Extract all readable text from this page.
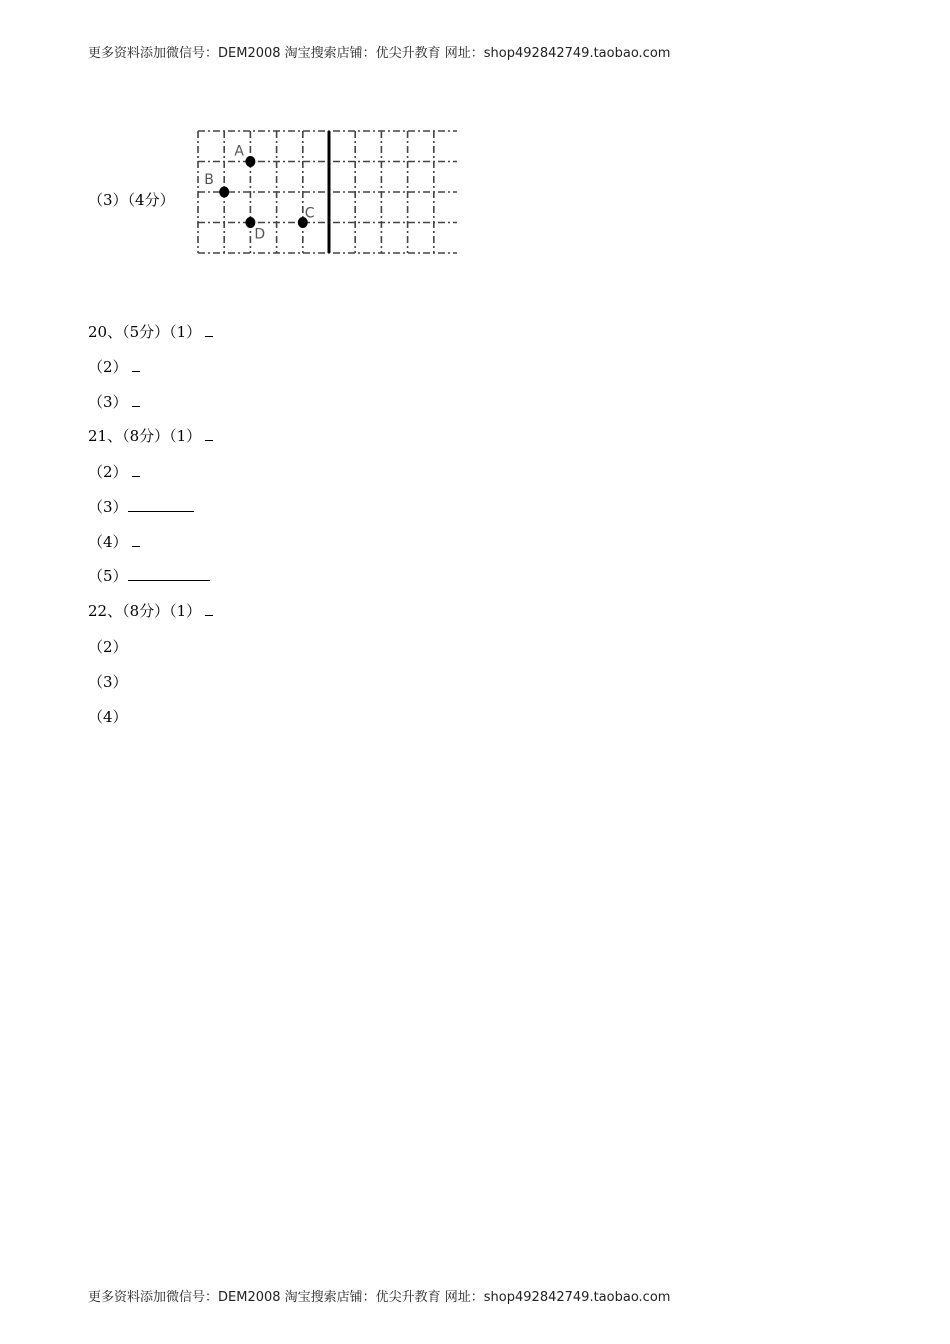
更多资料添加微信号：DEM2008 淘宝搜索店铺：优尖升教育 网址：shop492842749.taobao.com
（3）（4分）
A
B
C
D
20、（5分）（1）
（2）
（3）
21、（8分）（1）
（2）
（3）
（4）
（5）
22、（8分）（1）
（2）
（3）
（4）
更多资料添加微信号：DEM2008 淘宝搜索店铺：优尖升教育 网址：shop492842749.taobao.com
